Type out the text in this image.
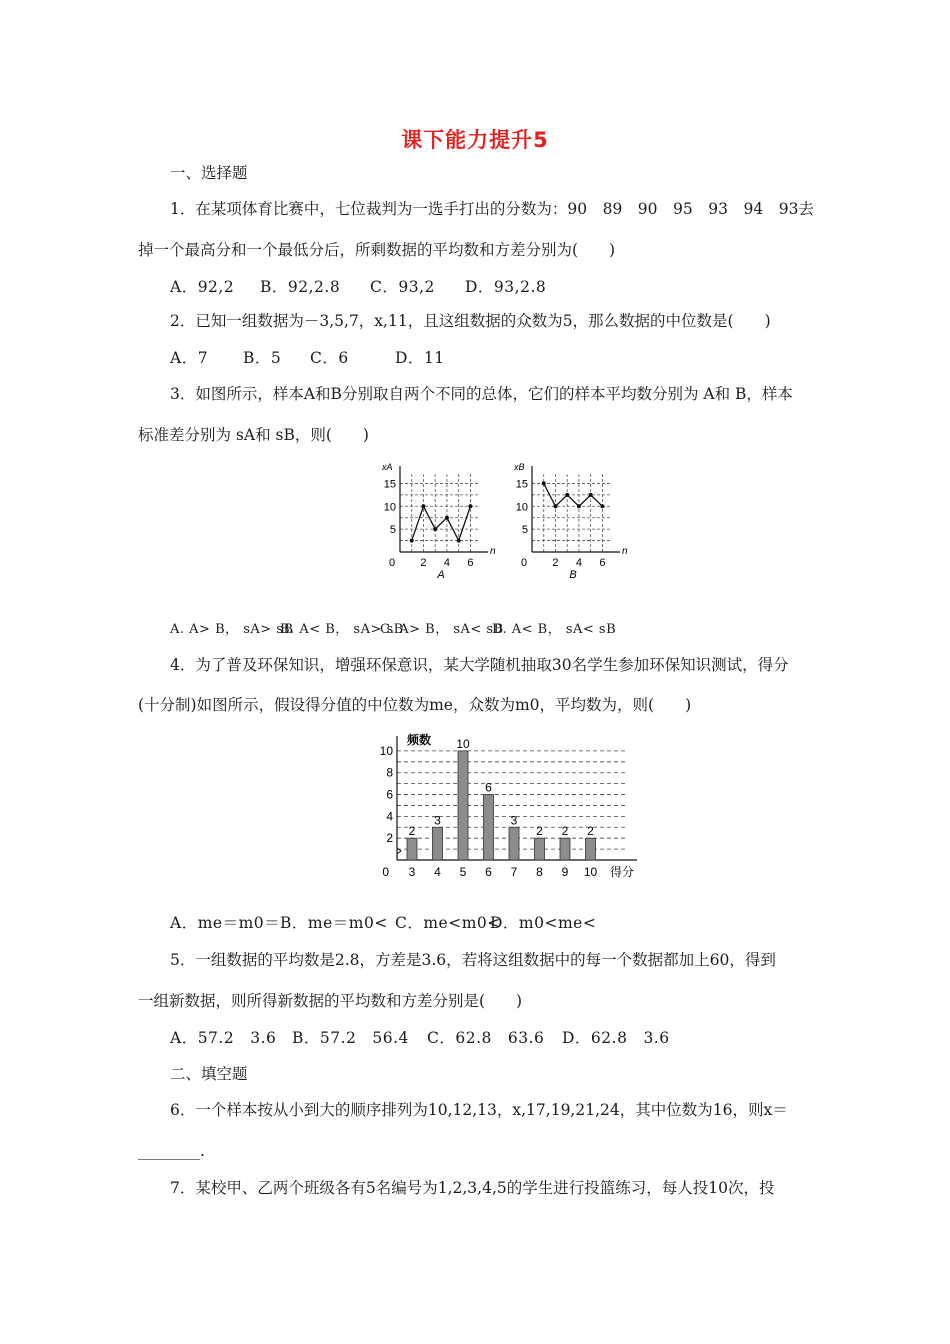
课下能力提升5
一、选择题
1．在某项体育比赛中，七位裁判为一选手打出的分数为：90　89　90　95　93　94　93去
掉一个最高分和一个最低分后，所剩数据的平均数和方差分别为(　　)
A．92,2 B．92,2.8 C．93,2 D．93,2.8
2．已知一组数据为－3,5,7，x,11，且这组数据的众数为5，那么数据的中位数是(　　)
A．7 B．5 C．6	D．11
3．如图所示，样本A和B分别取自两个不同的总体，它们的样本平均数分别为 A和 B，样本
标准差分别为 sA和 sB，则(　　)
5
10
15
0 2 4 6
xA
n
A
5
10
15
0 2 4 6
xB
n
B
A. A> B， sA> sBB. A< B， sA> sBC. A> B， sA< sBD. A< B， sA< sB
4．为了普及环保知识，增强环保意识，某大学随机抽取30名学生参加环保知识测试，得分
(十分制)如图所示，假设得分值的中位数为me，众数为m0，平均数为，则(　　)
2
4
6
8
10
0
频数
得分
2
3
3
4
10
5
6
6
3
7
2
8
2
9
2
10
A．me＝m0＝B．me＝m0< C．me<m0<D．m0<me<
5．一组数据的平均数是2.8，方差是3.6，若将这组数据中的每一个数据都加上60，得到
一组新数据，则所得新数据的平均数和方差分别是(　　)
A．57.2　3.6 B．57.2　56.4 C．62.8　63.6 D．62.8　3.6
二、填空题
6．一个样本按从小到大的顺序排列为10,12,13，x,17,19,21,24，其中位数为16，则x＝
________.
7．某校甲、乙两个班级各有5名编号为1,2,3,4,5的学生进行投篮练习，每人投10次，投
